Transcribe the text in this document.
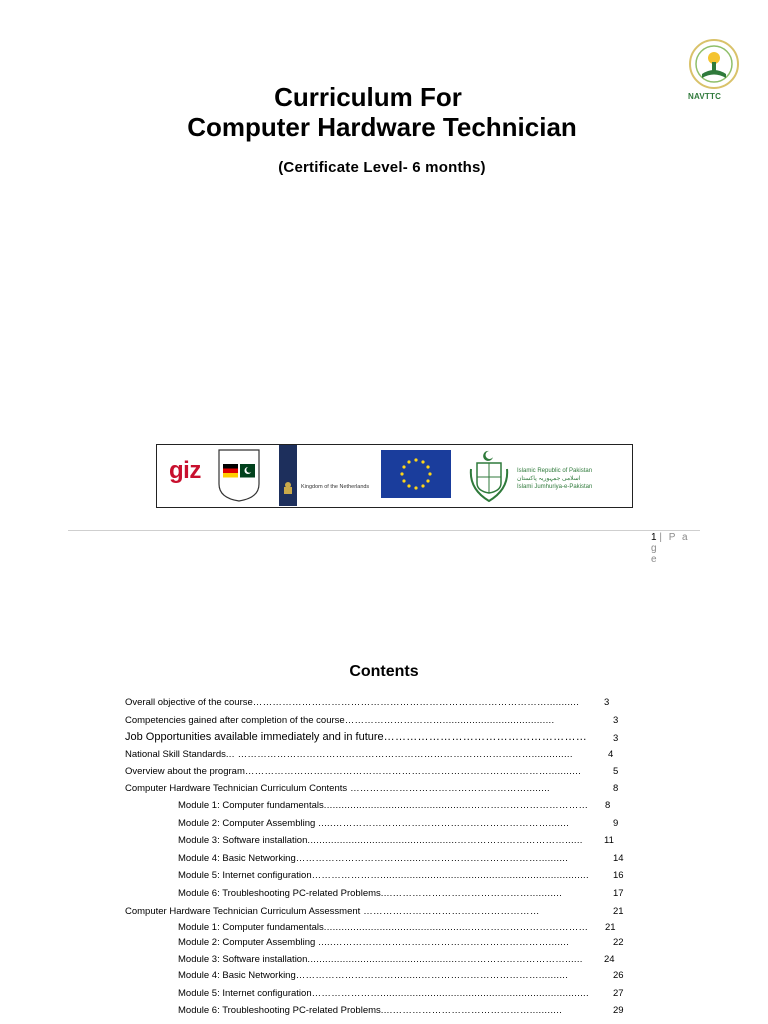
NAVTTC
Curriculum For
Computer Hardware Technician
(Certificate Level- 6 months)
giz
Kingdom of the Netherlands
Islamic Republic of Pakistan
اسلامی جمہوریہ پاکستان
Islami Jumhuriya-e-Pakistan
1 | P a g
e
Contents
Overall objective of the course………………………………………………………………………………...........	3
Competencies gained after completion of the course…………………………......................................	3
Job Opportunities available immediately and in future………………………………………………	3
National Skill Standards... ………………………………………………………………………………..............	4
Overview about the program…………………………………………………………………………………...........	5
Computer Hardware Technician Curriculum Contents ………………………………………………........	8
Module 1: Computer fundamentals..................................................……………………………… 8
Module 2: Computer Assembling .....………………………………………………………….......	9
Module 3: Software installation...................................................……………………………...... 11
Module 4: Basic Networking……………………………......………………………………..........	14
Module 5: Internet configuration………………….......................................................................	16
Module 6: Troubleshooting PC-related Problems....……………………………………...........	17
Computer Hardware Technician Curriculum Assessment ………………………………………………	21
Module 1: Computer fundamentals..................................................……………………………… 21
Module 2: Computer Assembling .....………………………………………………………….......	22
Module 3: Software installation...................................................……………………………...... 24
Module 4: Basic Networking……………………………......………………………………..........	26
Module 5: Internet configuration………………….......................................................................	27
Module 6: Troubleshooting PC-related Problems....……………………………………...........	29
